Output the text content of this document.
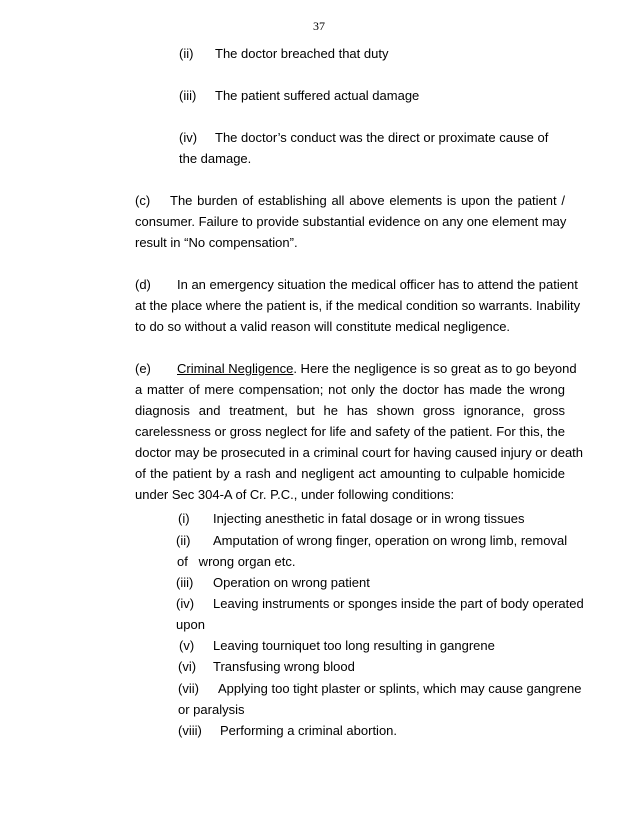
37
(ii) The doctor breached that duty
(iii) The patient suffered actual damage
(iv) The doctor’s conduct was the direct or proximate cause of
the damage.
(c) The burden of establishing all above elements is upon the patient /
consumer. Failure to provide substantial evidence on any one element may
result in “No compensation”.
(d) In an emergency situation the medical officer has to attend the patient
at the place where the patient is, if the medical condition so warrants. Inability
to do so without a valid reason will constitute medical negligence.
(e) Criminal Negligence. Here the negligence is so great as to go beyond
a matter of mere compensation; not only the doctor has made the wrong
diagnosis and treatment, but he has shown gross ignorance, gross
carelessness or gross neglect for life and safety of the patient. For this, the
doctor may be prosecuted in a criminal court for having caused injury or death
of the patient by a rash and negligent act amounting to culpable homicide
under Sec 304-A of Cr. P.C., under following conditions:
(i) Injecting anesthetic in fatal dosage or in wrong tissues
(ii) Amputation of wrong finger, operation on wrong limb, removal
of   wrong organ etc.
(iii) Operation on wrong patient
(iv) Leaving instruments or sponges inside the part of body operated
upon
(v) Leaving tourniquet too long resulting in gangrene
(vi) Transfusing wrong blood
(vii) Applying too tight plaster or splints, which may cause gangrene
or paralysis
(viii) Performing a criminal abortion.
